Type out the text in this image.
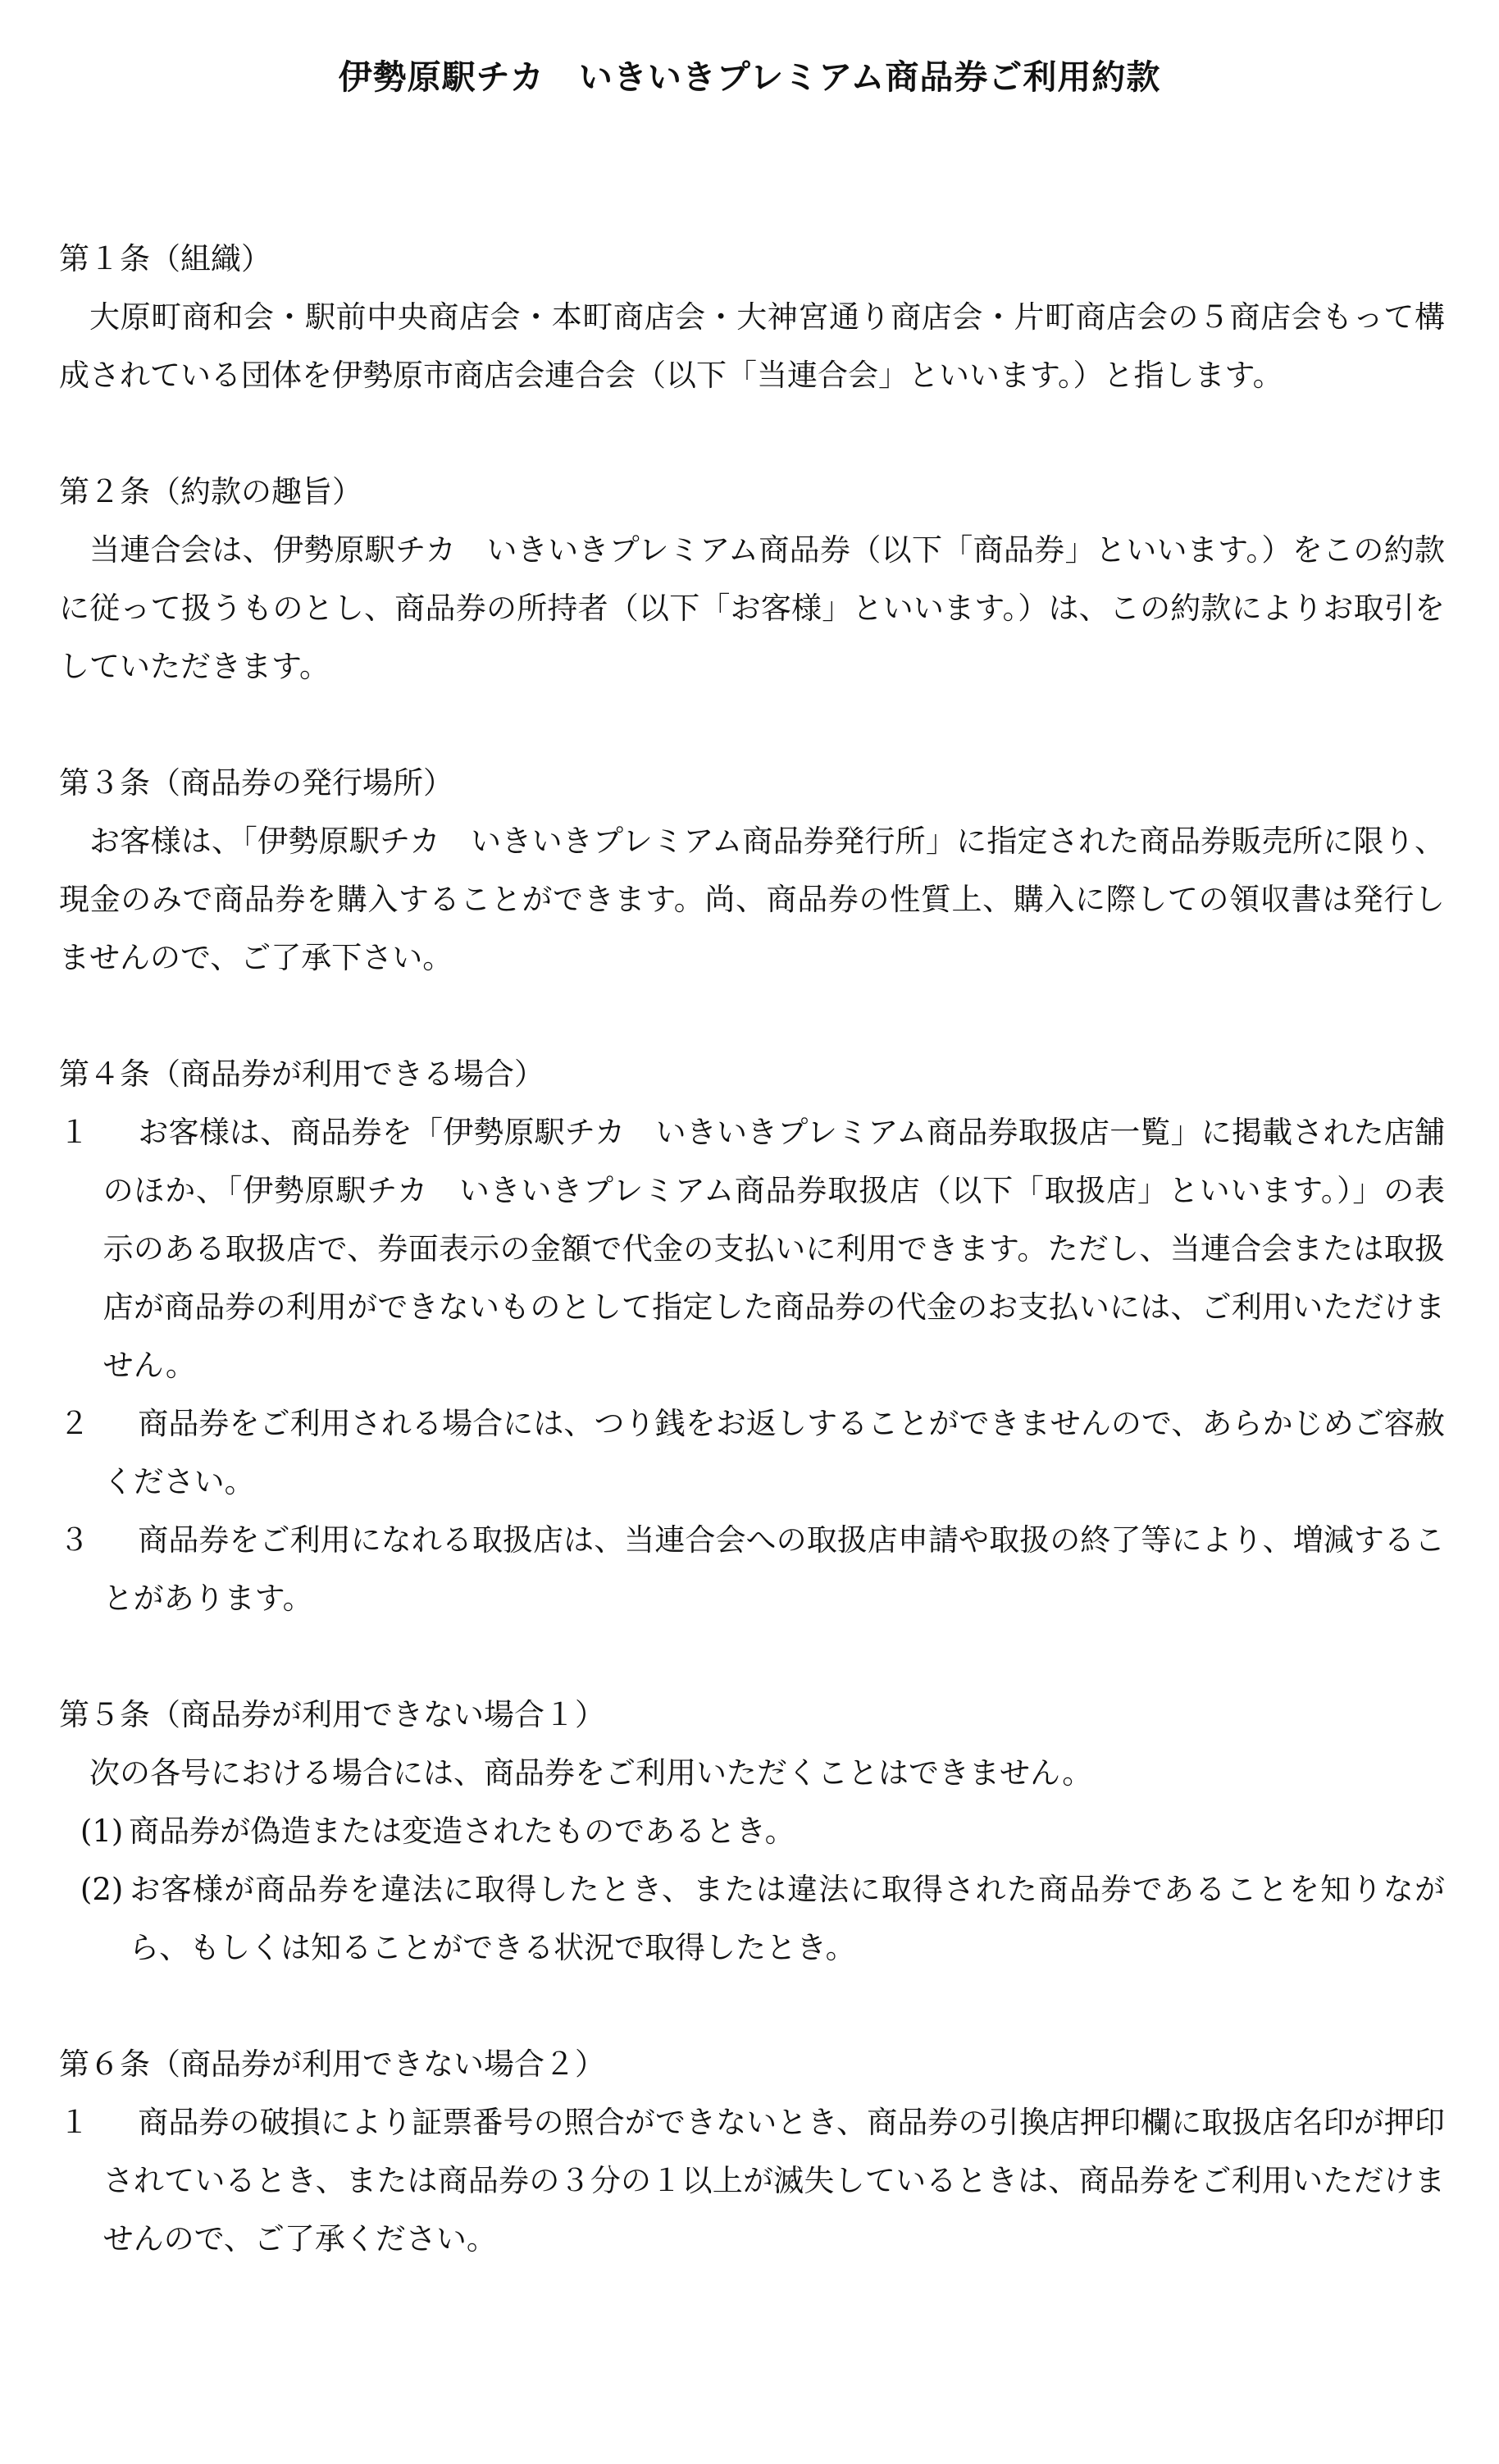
伊勢原駅チカ　いきいきプレミアム商品券ご利用約款

第１条（組織）

大原町商和会・駅前中央商店会・本町商店会・大神宮通り商店会・片町商店会の５商店会もって構成されている団体を伊勢原市商店会連合会（以下「当連合会」といいます。）と指します。

第２条（約款の趣旨）

当連合会は、伊勢原駅チカ　いきいきプレミアム商品券（以下「商品券」といいます。）をこの約款に従って扱うものとし、商品券の所持者（以下「お客様」といいます。）は、この約款によりお取引をしていただきます。

第３条（商品券の発行場所）

お客様は、「伊勢原駅チカ　いきいきプレミアム商品券発行所」に指定された商品券販売所に限り、現金のみで商品券を購入することができます。尚、商品券の性質上、購入に際しての領収書は発行しませんので、ご了承下さい。

第４条（商品券が利用できる場合）

１ お客様は、商品券を「伊勢原駅チカ　いきいきプレミアム商品券取扱店一覧」に掲載された店舗のほか、「伊勢原駅チカ　いきいきプレミアム商品券取扱店（以下「取扱店」といいます。）」の表示のある取扱店で、券面表示の金額で代金の支払いに利用できます。ただし、当連合会または取扱店が商品券の利用ができないものとして指定した商品券の代金のお支払いには、ご利用いただけません。

２ 商品券をご利用される場合には、つり銭をお返しすることができませんので、あらかじめご容赦ください。

３ 商品券をご利用になれる取扱店は、当連合会への取扱店申請や取扱の終了等により、増減することがあります。

第５条（商品券が利用できない場合１）

次の各号における場合には、商品券をご利用いただくことはできません。

(1) 商品券が偽造または変造されたものであるとき。

(2) お客様が商品券を違法に取得したとき、または違法に取得された商品券であることを知りながら、もしくは知ることができる状況で取得したとき。

第６条（商品券が利用できない場合２）

１ 商品券の破損により証票番号の照合ができないとき、商品券の引換店押印欄に取扱店名印が押印されているとき、または商品券の３分の１以上が滅失しているときは、商品券をご利用いただけませんので、ご了承ください。
